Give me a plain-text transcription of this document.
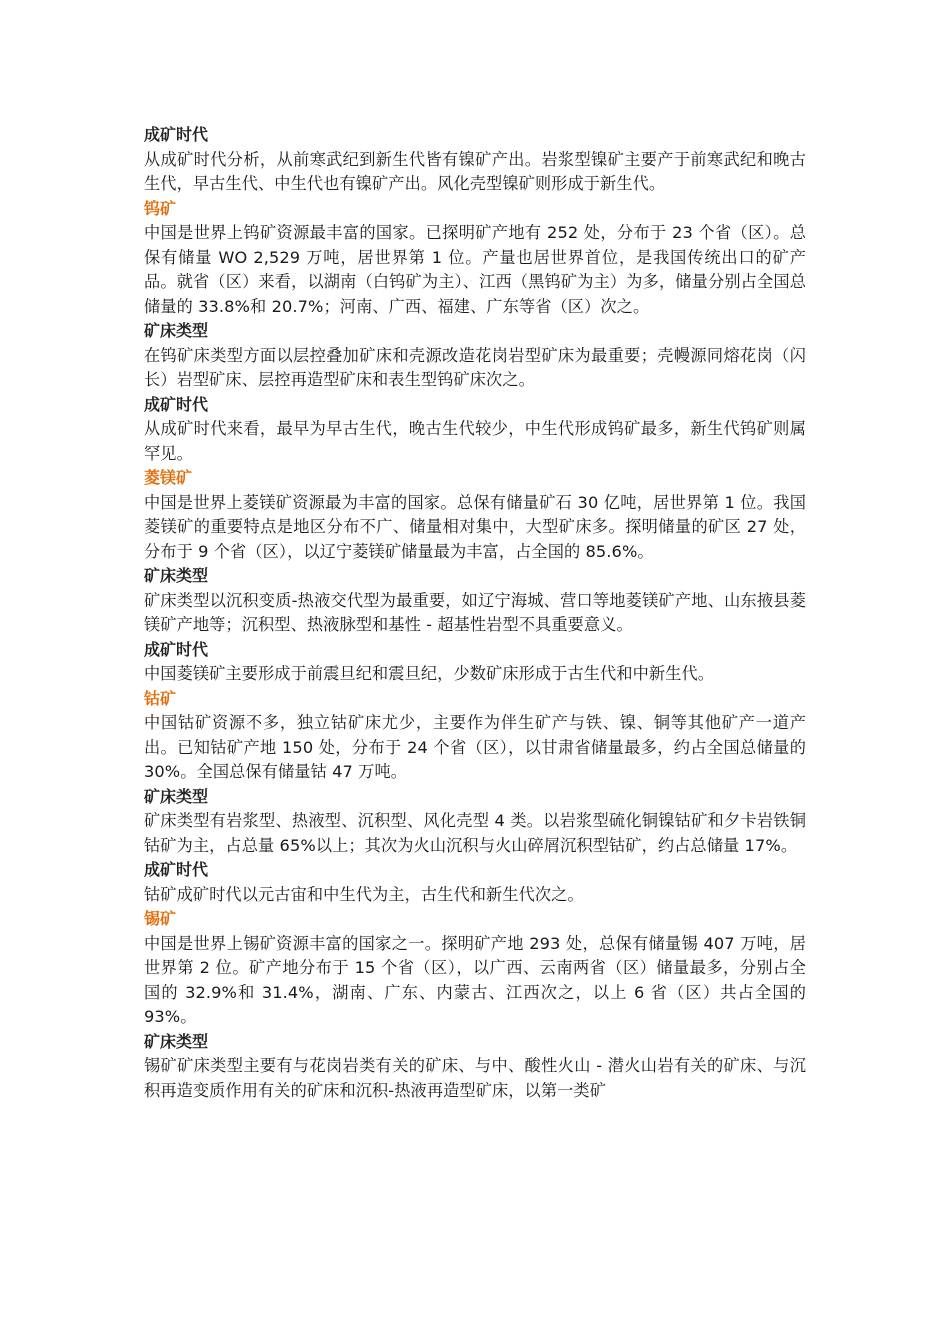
成矿时代

从成矿时代分析，从前寒武纪到新生代皆有镍矿产出。岩浆型镍矿主要产于前寒武纪和晚古生代，早古生代、中生代也有镍矿产出。风化壳型镍矿则形成于新生代。

钨矿

中国是世界上钨矿资源最丰富的国家。已探明矿产地有 252 处，分布于 23 个省（区）。总保有储量 WO 2,529 万吨，居世界第 1 位。产量也居世界首位，是我国传统出口的矿产品。就省（区）来看，以湖南（白钨矿为主）、江西（黑钨矿为主）为多，储量分别占全国总储量的 33.8%和 20.7%；河南、广西、福建、广东等省（区）次之。

矿床类型

在钨矿床类型方面以层控叠加矿床和壳源改造花岗岩型矿床为最重要；壳幔源同熔花岗（闪长）岩型矿床、层控再造型矿床和表生型钨矿床次之。

成矿时代

从成矿时代来看，最早为早古生代，晚古生代较少，中生代形成钨矿最多，新生代钨矿则属罕见。

菱镁矿

中国是世界上菱镁矿资源最为丰富的国家。总保有储量矿石 30 亿吨，居世界第 1 位。我国菱镁矿的重要特点是地区分布不广、储量相对集中，大型矿床多。探明储量的矿区 27 处，分布于 9 个省（区），以辽宁菱镁矿储量最为丰富，占全国的 85.6%。

矿床类型

矿床类型以沉积变质-热液交代型为最重要，如辽宁海城、营口等地菱镁矿产地、山东掖县菱镁矿产地等；沉积型、热液脉型和基性 - 超基性岩型不具重要意义。

成矿时代

中国菱镁矿主要形成于前震旦纪和震旦纪，少数矿床形成于古生代和中新生代。

钴矿

中国钴矿资源不多，独立钴矿床尤少，主要作为伴生矿产与铁、镍、铜等其他矿产一道产出。已知钴矿产地 150 处，分布于 24 个省（区），以甘肃省储量最多，约占全国总储量的 30%。全国总保有储量钴 47 万吨。

矿床类型

矿床类型有岩浆型、热液型、沉积型、风化壳型 4 类。以岩浆型硫化铜镍钴矿和夕卡岩铁铜钴矿为主，占总量 65%以上；其次为火山沉积与火山碎屑沉积型钴矿，约占总储量 17%。

成矿时代

钴矿成矿时代以元古宙和中生代为主，古生代和新生代次之。

锡矿

中国是世界上锡矿资源丰富的国家之一。探明矿产地 293 处，总保有储量锡 407 万吨，居世界第 2 位。矿产地分布于 15 个省（区），以广西、云南两省（区）储量最多，分别占全国的 32.9%和 31.4%，湖南、广东、内蒙古、江西次之，以上 6 省（区）共占全国的 93%。

矿床类型

锡矿矿床类型主要有与花岗岩类有关的矿床、与中、酸性火山 - 潜火山岩有关的矿床、与沉积再造变质作用有关的矿床和沉积-热液再造型矿床，以第一类矿
